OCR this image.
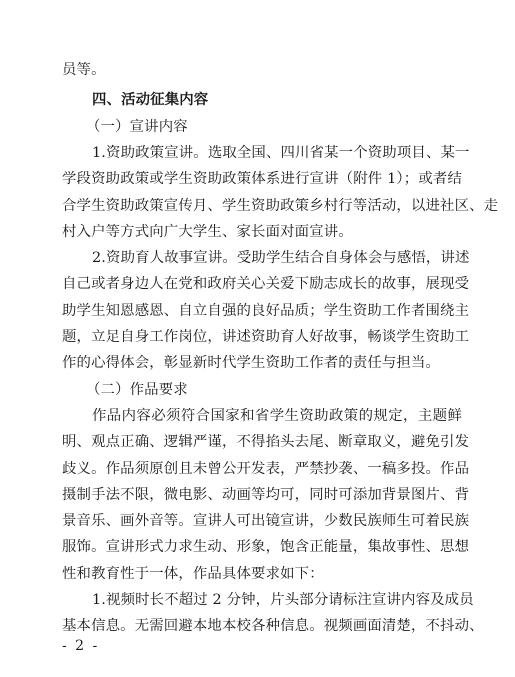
员等。
四、活动征集内容
（一）宣讲内容
1.资助政策宣讲。选取全国、四川省某一个资助项目、某一
学段资助政策或学生资助政策体系进行宣讲（附件 1）；或者结
合学生资助政策宣传月、学生资助政策乡村行等活动，以进社区、走
村入户等方式向广大学生、家长面对面宣讲。
2.资助育人故事宣讲。受助学生结合自身体会与感悟，讲述
自己或者身边人在党和政府关心关爱下励志成长的故事，展现受
助学生知恩感恩、自立自强的良好品质；学生资助工作者围绕主
题，立足自身工作岗位，讲述资助育人好故事，畅谈学生资助工
作的心得体会，彰显新时代学生资助工作者的责任与担当。
（二）作品要求
作品内容必须符合国家和省学生资助政策的规定，主题鲜
明、观点正确、逻辑严谨，不得掐头去尾、断章取义，避免引发
歧义。作品须原创且未曾公开发表，严禁抄袭、一稿多投。作品
摄制手法不限，微电影、动画等均可，同时可添加背景图片、背
景音乐、画外音等。宣讲人可出镜宣讲，少数民族师生可着民族
服饰。宣讲形式力求生动、形象，饱含正能量，集故事性、思想
性和教育性于一体，作品具体要求如下：
1.视频时长不超过 2 分钟，片头部分请标注宣讲内容及成员
基本信息。无需回避本地本校各种信息。视频画面清楚，不抖动、
- 2 -
